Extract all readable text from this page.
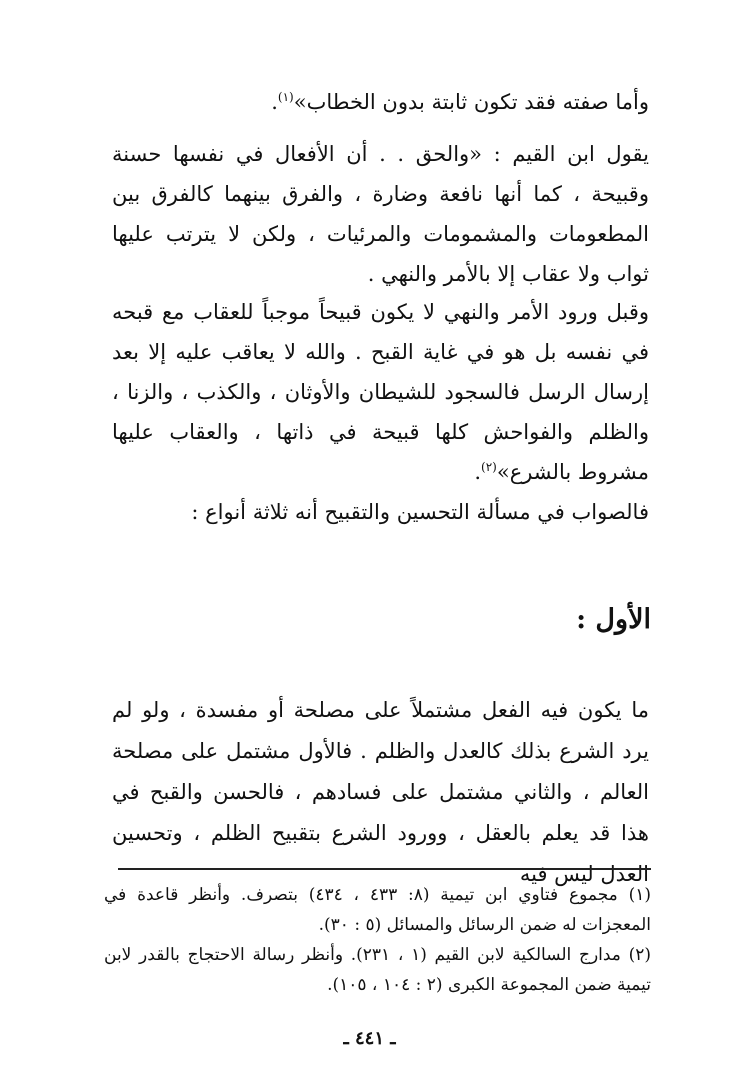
وأما صفته فقد تكون ثابتة بدون الخطاب»$^{(١)}$.

يقول ابن القيم : «والحق . . أن الأفعال في نفسها حسنة وقبيحة ، كما أنها نافعة وضارة ، والفرق بينهما كالفرق بين المطعومات والمشمومات والمرئيات ، ولكن لا يترتب عليها ثواب ولا عقاب إلا بالأمر والنهي .

وقبل ورود الأمر والنهي لا يكون قبيحاً موجباً للعقاب مع قبحه في نفسه بل هو في غاية القبح . والله لا يعاقب عليه إلا بعد إرسال الرسل فالسجود للشيطان والأوثان ، والكذب ، والزنا ، والظلم والفواحش كلها قبيحة في ذاتها ، والعقاب عليها مشروط بالشرع»$^{(٢)}$.

فالصواب في مسألة التحسين والتقبيح أنه ثلاثة أنواع :

الأول :

ما يكون فيه الفعل مشتملاً على مصلحة أو مفسدة ، ولو لم يرد الشرع بذلك كالعدل والظلم . فالأول مشتمل على مصلحة العالم ، والثاني مشتمل على فسادهم ، فالحسن والقبح في هذا قد يعلم بالعقل ، وورود الشرع بتقبيح الظلم ، وتحسين العدل ليس فيه

(١) مجموع فتاوي ابن تيمية (٨: ٤٣٣ ، ٤٣٤) بتصرف. وأنظر قاعدة في المعجزات له ضمن الرسائل والمسائل (٥ : ٣٠).

(٢) مدارج السالكية لابن القيم (١ ، ٢٣١). وأنظر رسالة الاحتجاج بالقدر لابن تيمية ضمن المجموعة الكبرى (٢ : ١٠٤ ، ١٠٥).

ـ ٤٤١ ـ
